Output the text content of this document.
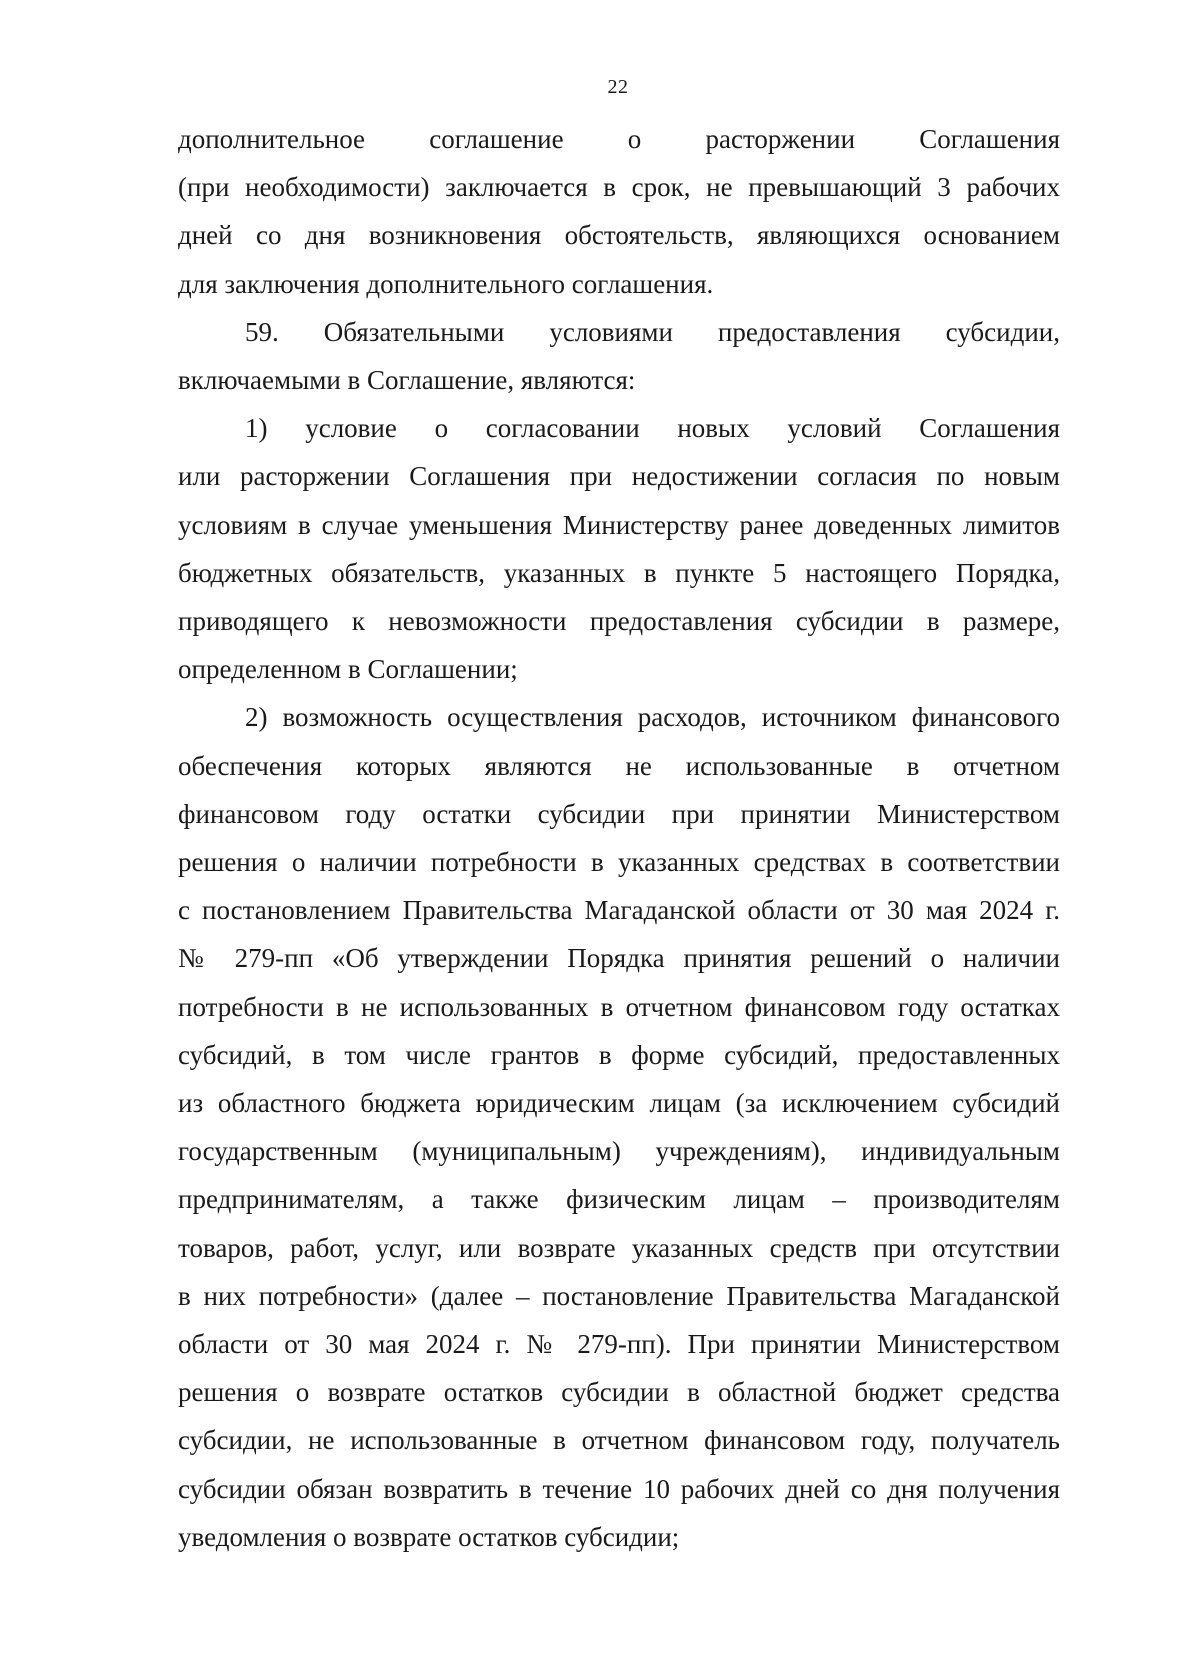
22

дополнительное соглашение о расторжении Соглашения
(при необходимости) заключается в срок, не превышающий 3 рабочих
дней со дня возникновения обстоятельств, являющихся основанием
для заключения дополнительного соглашения.

59. Обязательными условиями предоставления субсидии,
включаемыми в Соглашение, являются:

1) условие о согласовании новых условий Соглашения
или расторжении Соглашения при недостижении согласия по новым
условиям в случае уменьшения Министерству ранее доведенных лимитов
бюджетных обязательств, указанных в пункте 5 настоящего Порядка,
приводящего к невозможности предоставления субсидии в размере,
определенном в Соглашении;

2) возможность осуществления расходов, источником финансового
обеспечения которых являются не использованные в отчетном
финансовом году остатки субсидии при принятии Министерством
решения о наличии потребности в указанных средствах в соответствии
с постановлением Правительства Магаданской области от 30 мая 2024 г.
№ 279-пп «Об утверждении Порядка принятия решений о наличии
потребности в не использованных в отчетном финансовом году остатках
субсидий, в том числе грантов в форме субсидий, предоставленных
из областного бюджета юридическим лицам (за исключением субсидий
государственным (муниципальным) учреждениям), индивидуальным
предпринимателям, а также физическим лицам – производителям
товаров, работ, услуг, или возврате указанных средств при отсутствии
в них потребности» (далее – постановление Правительства Магаданской
области от 30 мая 2024 г. № 279-пп). При принятии Министерством
решения о возврате остатков субсидии в областной бюджет средства
субсидии, не использованные в отчетном финансовом году, получатель
субсидии обязан возвратить в течение 10 рабочих дней со дня получения
уведомления о возврате остатков субсидии;
